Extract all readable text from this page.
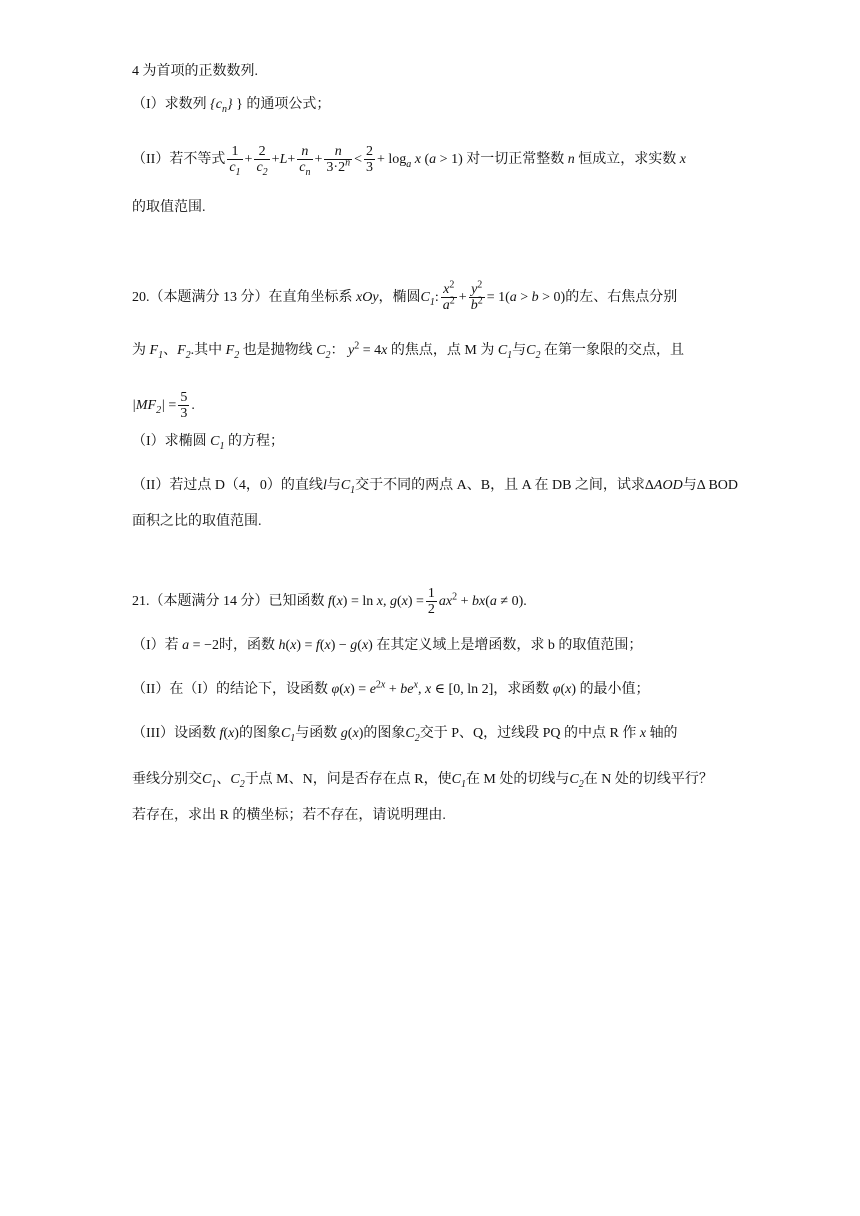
4 为首项的正数数列.
（I）求数列 $\{c_n\}$ } 的通项公式；
（II）若不等式 $\frac{1}{c_1} + \frac{2}{c_2} +L+ \frac{n}{c_n} + \frac{n}{3\cdot 2^n} < \frac{2}{3} + \log_a x$ (a > 1) 对一切正常整数 n 恒成立，求实数 x
的取值范围.
20.（本题满分 13 分）在直角坐标系 xOy，椭圆$C_1$: $\frac{x^2}{a^2} + \frac{y^2}{b^2} = 1(a > b > 0)$的左、右焦点分别
为 $F_1$、$F_2$.其中 $F_2$ 也是抛物线 $C_2$： $y^2 = 4x$ 的焦点，点 M 为 $C_1$与$C_2$ 在第一象限的交点，且
$|MF_2| = \frac{5}{3}$ .
（I）求椭圆 $C_1$ 的方程；
（II）若过点 D（4，0）的直线l与$C_1$交于不同的两点 A、B，且 A 在 DB 之间，试求ΔAOD与Δ BOD
面积之比的取值范围.
21.（本题满分 14 分）已知函数 f(x) = ln x, $g(x) = \frac{1}{2} ax^2 + bx(a \ne 0)$.
（I）若 a = −2时，函数 h(x) = f(x) − g(x) 在其定义域上是增函数，求 b 的取值范围；
（II）在（I）的结论下，设函数 $\varphi(x) = e^{2x} + be^x$, x ∈ [0, ln 2]，求函数 φ(x) 的最小值；
（III）设函数 f(x)的图象$C_1$与函数 g(x)的图象$C_2$交于 P、Q，过线段 PQ 的中点 R 作 x 轴的
垂线分别交$C_1$、$C_2$于点 M、N，问是否存在点 R，使$C_1$在 M 处的切线与$C_2$在 N 处的切线平行？
若存在，求出 R 的横坐标；若不存在，请说明理由.
